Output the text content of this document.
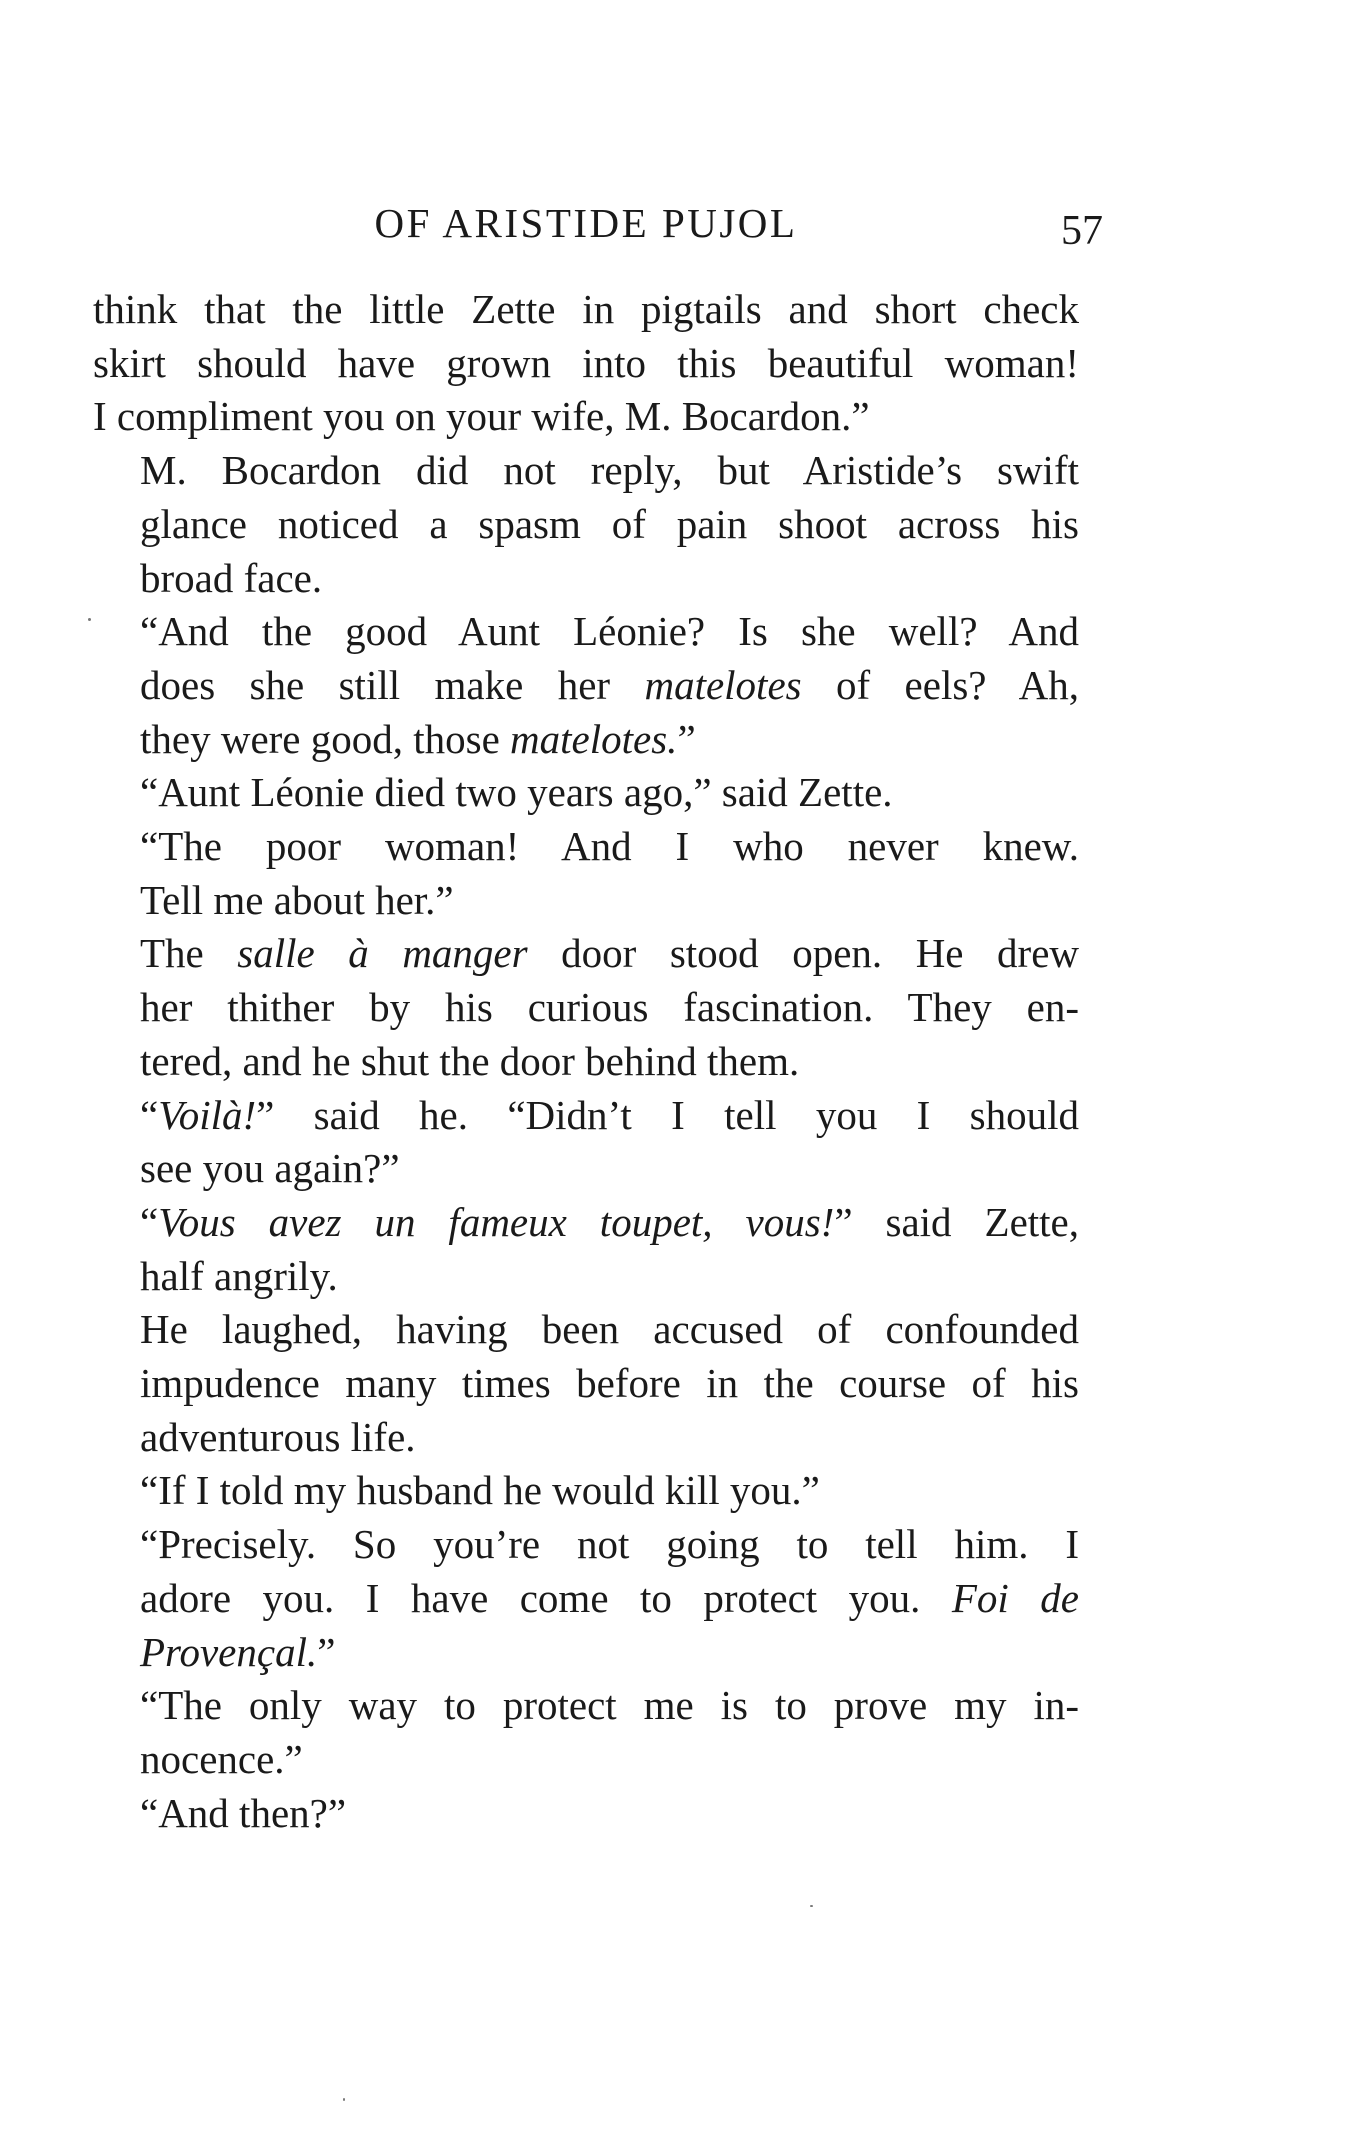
OF ARISTIDE PUJOL	57

think that the little Zette in pigtails and short check
skirt should have grown into this beautiful woman!
I compliment you on your wife, M. Bocardon.”

M. Bocardon did not reply, but Aristide’s swift
glance noticed a spasm of pain shoot across his
broad face.

“And the good Aunt Léonie? Is she well? And
does she still make her matelotes of eels? Ah,
they were good, those matelotes.”

“Aunt Léonie died two years ago,” said Zette.

“The poor woman! And I who never knew.
Tell me about her.”

The salle à manger door stood open. He drew
her thither by his curious fascination. They en-
tered, and he shut the door behind them.

“Voilà!” said he. “Didn’t I tell you I should
see you again?”

“Vous avez un fameux toupet, vous!” said Zette,
half angrily.

He laughed, having been accused of confounded
impudence many times before in the course of his
adventurous life.

“If I told my husband he would kill you.”

“Precisely. So you’re not going to tell him. I
adore you. I have come to protect you. Foi de
Provençal.”

“The only way to protect me is to prove my in-
nocence.”

“And then?”
